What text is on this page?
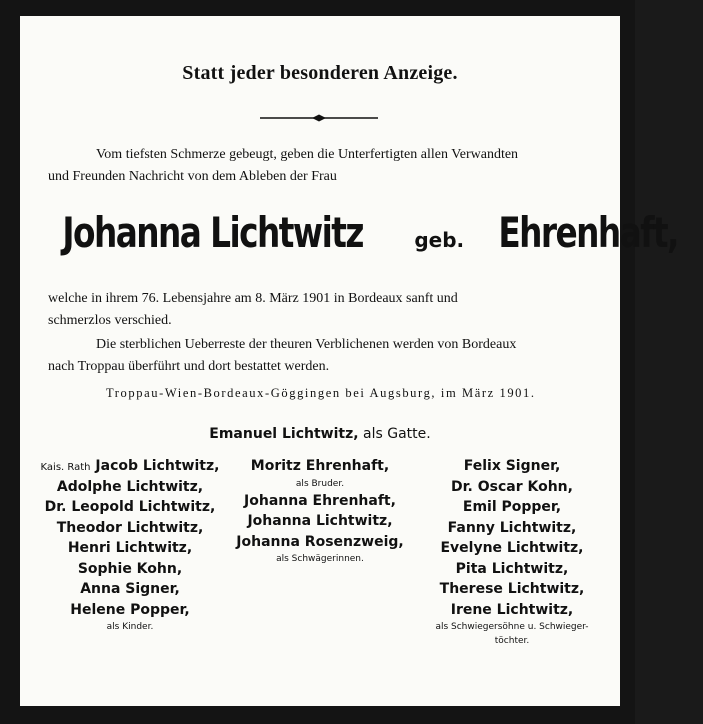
Statt jeder besonderen Anzeige.
Vom tiefsten Schmerze gebeugt, geben die Unterfertigten allen Verwandten
und Freunden Nachricht von dem Ableben der Frau
Johanna Lichtwitz	geb. Ehrenhaft,
welche in ihrem 76. Lebensjahre am 8. März 1901 in Bordeaux sanft und
schmerzlos verschied.
Die sterblichen Ueberreste der theuren Verblichenen werden von Bordeaux
nach Troppau überführt und dort bestattet werden.
Troppau-Wien-Bordeaux-Göggingen bei Augsburg, im März 1901.
Emanuel Lichtwitz, als Gatte.
Kais. Rath Jacob Lichtwitz,
Adolphe Lichtwitz,
Dr. Leopold Lichtwitz,
Theodor Lichtwitz,
Henri Lichtwitz,
Sophie Kohn,
Anna Signer,
Helene Popper,
als Kinder.
Moritz Ehrenhaft,
als Bruder.
Johanna Ehrenhaft,
Johanna Lichtwitz,
Johanna Rosenzweig,
als Schwägerinnen.
Felix Signer,
Dr. Oscar Kohn,
Emil Popper,
Fanny Lichtwitz,
Evelyne Lichtwitz,
Pita Lichtwitz,
Therese Lichtwitz,
Irene Lichtwitz,
als Schwiegersöhne u. Schwieger-
töchter.
